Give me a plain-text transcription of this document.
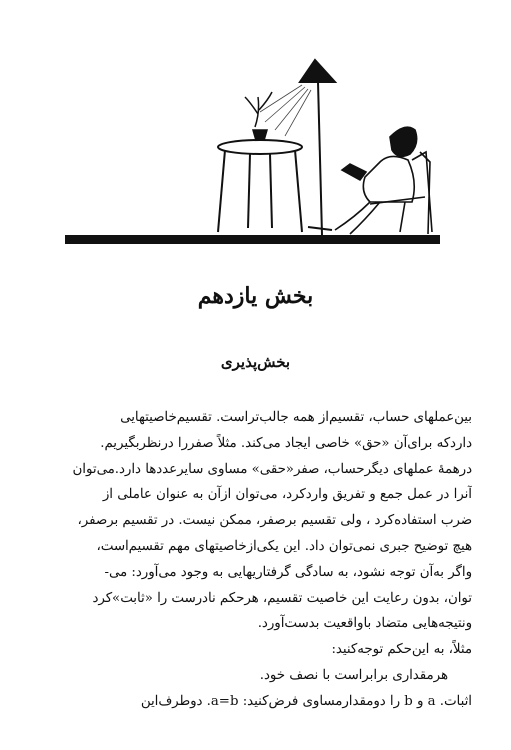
بخش یازدهم
بخش‌پذیری
بین‌عملهای حساب، تقسیم‌از همه جالب‌تراست. تقسیم‌خاصیتهایی
داردکه برای‌آن «حق» خاصی ایجاد می‌کند. مثلاً صفررا درنظربگیریم.
درهمهٔ عملهای دیگرحساب، صفر«حقی» مساوی سایرعددها دارد.می‌توان
آنرا در عمل جمع و تفریق واردکرد، می‌توان ازآن به عنوان عاملی از
ضرب استفاده‌کرد ، ولی تقسیم برصفر، ممکن نیست. در تقسیم برصفر،
هیچ توضیح جبری نمی‌توان داد. این یکی‌ازخاصیتهای مهم تقسیم‌است،
واگر به‌آن توجه نشود، به سادگی گرفتاریهایی به وجود می‌آورد: می-
توان، بدون رعایت این خاصیت تقسیم، هرحکم نادرست را «ثابت»کرد
ونتیجه‌هایی متضاد باواقعیت بدست‌آورد.
مثلاً، به این‌حکم توجه‌کنید:
هرمقداری برابراست با نصف خود.
اثبات. a و b را دومقدارمساوی فرض‌کنید: a=b. دوطرف‌این
